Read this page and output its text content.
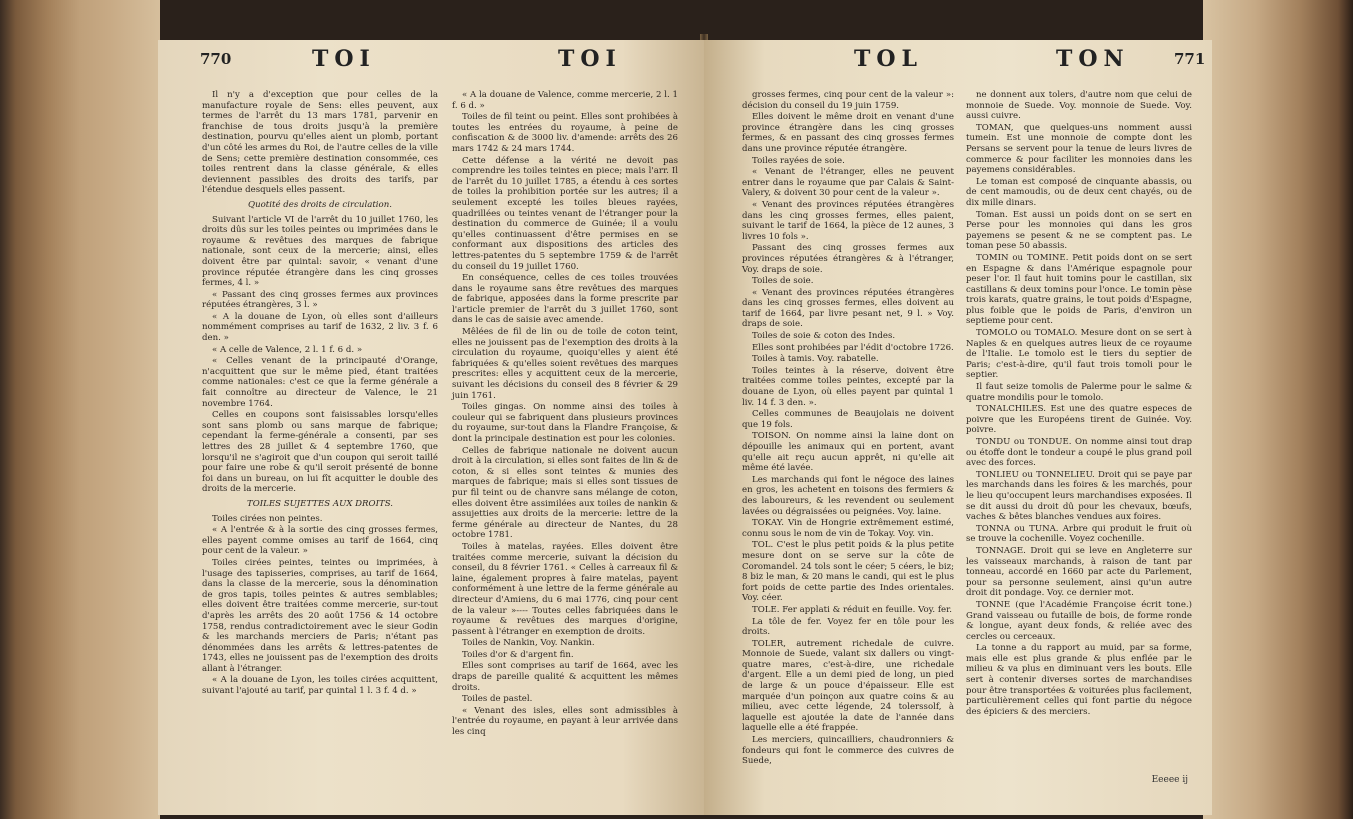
770	TOI	TOI

Il n'y a d'exception que pour celles de la manufacture royale de Sens: elles peuvent, aux termes de l'arrêt du 13 mars 1781, parvenir en franchise de tous droits jusqu'à la première destination, pourvu qu'elles aient un plomb, portant d'un côté les armes du Roi, de l'autre celles de la ville de Sens; cette première destination consommée, ces toiles rentrent dans la classe générale, & elles deviennent passibles des droits des tarifs, par l'étendue desquels elles passent.

Quotité des droits de circulation.

Suivant l'article VI de l'arrêt du 10 juillet 1760, les droits dûs sur les toiles peintes ou imprimées dans le royaume & revêtues des marques de fabrique nationale, sont ceux de la mercerie; ainsi, elles doivent être par quintal: savoir, « venant d'une province réputée étrangère dans les cinq grosses fermes, 4 l. »

« Passant des cinq grosses fermes aux provinces réputées étrangères, 3 l. »

« A la douane de Lyon, où elles sont d'ailleurs nommément comprises au tarif de 1632, 2 liv. 3 f. 6 den. »

« A celle de Valence, 2 l. 1 f. 6 d. »

« Celles venant de la principauté d'Orange, n'acquittent que sur le même pied, étant traitées comme nationales: c'est ce que la ferme générale a fait connoître au directeur de Valence, le 21 novembre 1764.

Celles en coupons sont faisissables lorsqu'elles sont sans plomb ou sans marque de fabrique; cependant la ferme-générale a consenti, par ses lettres des 28 juillet & 4 septembre 1760, que lorsqu'il ne s'agiroit que d'un coupon qui seroit taillé pour faire une robe & qu'il seroit présenté de bonne foi dans un bureau, on lui fît acquitter le double des droits de la mercerie.

TOILES SUJETTES AUX DROITS.

Toiles cirées non peintes.

« A l'entrée & à la sortie des cinq grosses fermes, elles payent comme omises au tarif de 1664, cinq pour cent de la valeur. »

Toiles cirées peintes, teintes ou imprimées, à l'usage des tapisseries, comprises, au tarif de 1664, dans la classe de la mercerie, sous la dénomination de gros tapis, toiles peintes & autres semblables; elles doivent être traitées comme mercerie, sur-tout d'après les arrêts des 20 août 1756 & 14 octobre 1758, rendus contradictoirement avec le sieur Godin & les marchands merciers de Paris; n'étant pas dénommées dans les arrêts & lettres-patentes de 1743, elles ne jouissent pas de l'exemption des droits allant à l'étranger.

« A la douane de Lyon, les toiles cirées acquittent, suivant l'ajouté au tarif, par quintal 1 l. 3 f. 4 d. »

« A la douane de Valence, comme mercerie, 2 l. 1 f. 6 d. »

Toiles de fil teint ou peint. Elles sont prohibées à toutes les entrées du royaume, à peine de confiscation & de 3000 liv. d'amende: arrêts des 26 mars 1742 & 24 mars 1744.

Cette défense a la vérité ne devoit pas comprendre les toiles teintes en piece; mais l'arr. Il de l'arrêt du 10 juillet 1785, a étendu à ces sortes de toiles la prohibition portée sur les autres; il a seulement excepté les toiles bleues rayées, quadrillées ou teintes venant de l'étranger pour la destination du commerce de Guinée; il a voulu qu'elles continuassent d'être permises en se conformant aux dispositions des articles des lettres-patentes du 5 septembre 1759 & de l'arrêt du conseil du 19 juillet 1760.

En conséquence, celles de ces toiles trouvées dans le royaume sans être revêtues des marques de fabrique, apposées dans la forme prescrite par l'article premier de l'arrêt du 3 juillet 1760, sont dans le cas de saisie avec amende.

Mêlées de fil de lin ou de toile de coton teint, elles ne jouissent pas de l'exemption des droits à la circulation du royaume, quoiqu'elles y aient été fabriquées & qu'elles soient revêtues des marques prescrites: elles y acquittent ceux de la mercerie, suivant les décisions du conseil des 8 février & 29 juin 1761.

Toiles gingas. On nomme ainsi des toiles à couleur qui se fabriquent dans plusieurs provinces du royaume, sur-tout dans la Flandre Françoise, & dont la principale destination est pour les colonies.

Celles de fabrique nationale ne doivent aucun droit à la circulation, si elles sont faites de lin & de coton, & si elles sont teintes & munies des marques de fabrique; mais si elles sont tissues de pur fil teint ou de chanvre sans mélange de coton, elles doivent être assimilées aux toiles de nankin & assujetties aux droits de la mercerie: lettre de la ferme générale au directeur de Nantes, du 28 octobre 1781.

Toiles à matelas, rayées. Elles doivent être traitées comme mercerie, suivant la décision du conseil, du 8 février 1761. « Celles à carreaux fil & laine, également propres à faire matelas, payent conformément à une lettre de la ferme générale au directeur d'Amiens, du 6 mai 1776, cinq pour cent de la valeur »---- Toutes celles fabriquées dans le royaume & revêtues des marques d'origine, passent à l'étranger en exemption de droits.

Toiles de Nankin, Voy. Nankin.

Toiles d'or & d'argent fin.

Elles sont comprises au tarif de 1664, avec les draps de pareille qualité & acquittent les mêmes droits.

Toiles de pastel.

« Venant des isles, elles sont admissibles à l'entrée du royaume, en payant à leur arrivée dans les cinq

TOL	TON	771

grosses fermes, cinq pour cent de la valeur »: décision du conseil du 19 juin 1759.

Elles doivent le même droit en venant d'une province étrangère dans les cinq grosses fermes, & en passant des cinq grosses fermes dans une province réputée étrangère.

Toiles rayées de soie.

« Venant de l'étranger, elles ne peuvent entrer dans le royaume que par Calais & Saint-Valery, & doivent 30 pour cent de la valeur ».

« Venant des provinces réputées étrangères dans les cinq grosses fermes, elles paient, suivant le tarif de 1664, la pièce de 12 aunes, 3 livres 10 fols ».

Passant des cinq grosses fermes aux provinces réputées étrangères & à l'étranger, Voy. draps de soie.

Toiles de soie.

« Venant des provinces réputées étrangères dans les cinq grosses fermes, elles doivent au tarif de 1664, par livre pesant net, 9 l. » Voy. draps de soie.

Toiles de soie & coton des Indes.

Elles sont prohibées par l'édit d'octobre 1726.

Toiles à tamis. Voy. rabatelle.

Toiles teintes à la réserve, doivent être traitées comme toiles peintes, excepté par la douane de Lyon, où elles payent par quintal 1 liv. 14 f. 3 den. ».

Celles communes de Beaujolais ne doivent que 19 fols.

TOISON. On nomme ainsi la laine dont on dépouille les animaux qui en portent, avant qu'elle ait reçu aucun apprêt, ni qu'elle ait même été lavée.

Les marchands qui font le négoce des laines en gros, les achetent en toisons des fermiers & des laboureurs, & les revendent ou seulement lavées ou dégraissées ou peignées. Voy. laine.

TOKAY. Vin de Hongrie extrêmement estimé, connu sous le nom de vin de Tokay. Voy. vin.

TOL. C'est le plus petit poids & la plus petite mesure dont on se serve sur la côte de Coromandel. 24 tols sont le céer; 5 céers, le biz; 8 biz le man, & 20 mans le candi, qui est le plus fort poids de cette partie des Indes orientales. Voy. céer.

TOLE. Fer applati & réduit en feuille. Voy. fer.

La tôle de fer. Voyez fer en tôle pour les droits.

TOLER, autrement richedale de cuivre. Monnoie de Suede, valant six dallers ou vingt-quatre mares, c'est-à-dire, une richedale d'argent. Elle a un demi pied de long, un pied de large & un pouce d'épaisseur. Elle est marquée d'un poinçon aux quatre coins & au milieu, avec cette légende, 24 tolerssolf, à laquelle est ajoutée la date de l'année dans laquelle elle a été frappée.

Les merciers, quincailliers, chaudronniers & fondeurs qui font le commerce des cuivres de Suede,

ne donnent aux tolers, d'autre nom que celui de monnoie de Suede. Voy. monnoie de Suede. Voy. aussi cuivre.

TOMAN, que quelques-uns nomment aussi tumein. Est une monnoie de compte dont les Persans se servent pour la tenue de leurs livres de commerce & pour faciliter les monnoies dans les payemens considérables.

Le toman est composé de cinquante abassis, ou de cent mamoudis, ou de deux cent chayés, ou de dix mille dinars.

Toman. Est aussi un poids dont on se sert en Perse pour les monnoies qui dans les gros payemens se pesent & ne se comptent pas. Le toman pese 50 abassis.

TOMIN ou TOMINE. Petit poids dont on se sert en Espagne & dans l'Amérique espagnole pour peser l'or. Il faut huit tomins pour le castillan, six castillans & deux tomins pour l'once. Le tomin pèse trois karats, quatre grains, le tout poids d'Espagne, plus foible que le poids de Paris, d'environ un septieme pour cent.

TOMOLO ou TOMALO. Mesure dont on se sert à Naples & en quelques autres lieux de ce royaume de l'Italie. Le tomolo est le tiers du septier de Paris; c'est-à-dire, qu'il faut trois tomoli pour le septier.

Il faut seize tomolis de Palerme pour le salme & quatre mondilis pour le tomolo.

TONALCHILES. Est une des quatre especes de poivre que les Européens tirent de Guinée. Voy. poivre.

TONDU ou TONDUE. On nomme ainsi tout drap ou étoffe dont le tondeur a coupé le plus grand poil avec des forces.

TONLIEU ou TONNELIEU. Droit qui se paye par les marchands dans les foires & les marchés, pour le lieu qu'occupent leurs marchandises exposées. Il se dit aussi du droit dû pour les chevaux, bœufs, vaches & bêtes blanches vendues aux foires.

TONNA ou TUNA. Arbre qui produit le fruit où se trouve la cochenille. Voyez cochenille.

TONNAGE. Droit qui se leve en Angleterre sur les vaisseaux marchands, à raison de tant par tonneau, accordé en 1660 par acte du Parlement, pour sa personne seulement, ainsi qu'un autre droit dit pondage. Voy. ce dernier mot.

TONNE (que l'Académie Françoise écrit tone.) Grand vaisseau ou futaille de bois, de forme ronde & longue, ayant deux fonds, & reliée avec des cercles ou cerceaux.

La tonne a du rapport au muid, par sa forme, mais elle est plus grande & plus enflée par le milieu & va plus en diminuant vers les bouts. Elle sert à contenir diverses sortes de marchandises pour être transportées & voiturées plus facilement, particulièrement celles qui font partie du négoce des épiciers & des merciers.

Eeeee ij
